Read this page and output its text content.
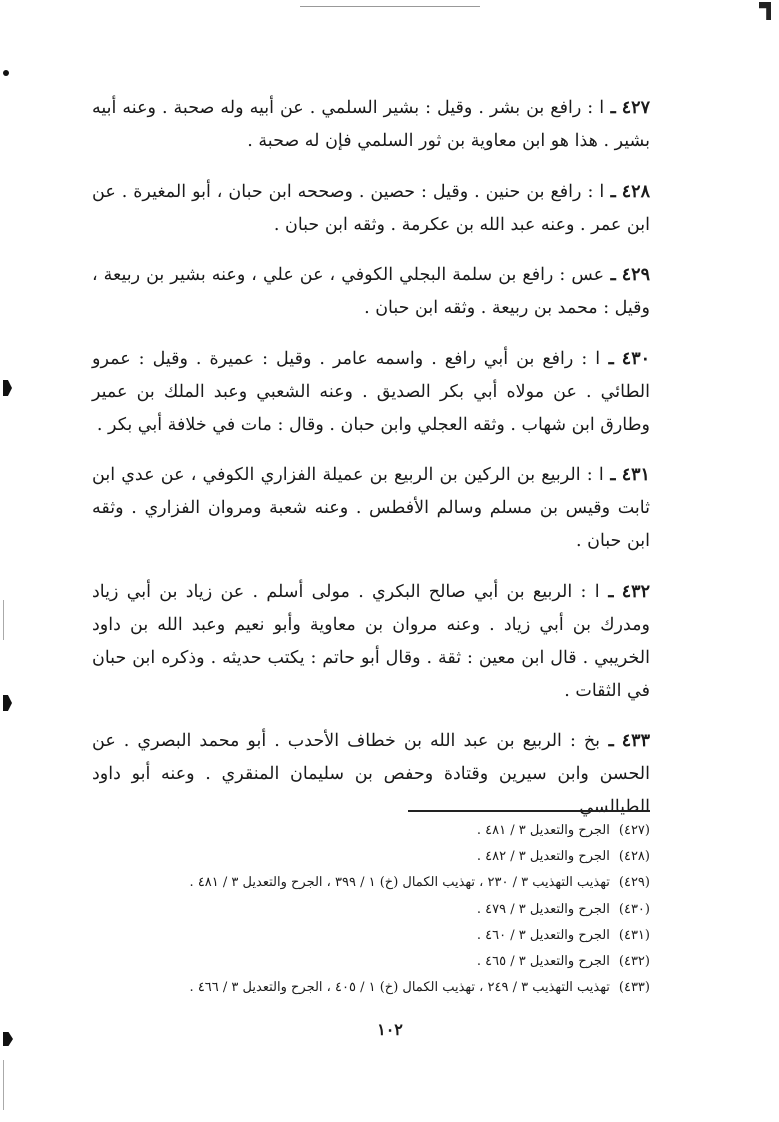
٤٢٧ ـ ا : رافع بن بشر . وقيل : بشير السلمي . عن أبيه وله صحبة . وعنه أبيه بشير . هذا هو ابن معاوية بن ثور السلمي فإن له صحبة .

٤٢٨ ـ ا : رافع بن حنين . وقيل : حصين . وصححه ابن حبان ، أبو المغيرة . عن ابن عمر . وعنه عبد الله بن عكرمة . وثقه ابن حبان .

٤٢٩ ـ عس : رافع بن سلمة البجلي الكوفي ، عن علي ، وعنه بشير بن ربيعة ، وقيل : محمد بن ربيعة . وثقه ابن حبان .

٤٣٠ ـ ا : رافع بن أبي رافع . واسمه عامر . وقيل : عميرة . وقيل : عمرو الطائي . عن مولاه أبي بكر الصديق . وعنه الشعبي وعبد الملك بن عمير وطارق ابن شهاب . وثقه العجلي وابن حبان . وقال : مات في خلافة أبي بكر .

٤٣١ ـ ا : الربيع بن الركين بن الربيع بن عميلة الفزاري الكوفي ، عن عدي ابن ثابت وقيس بن مسلم وسالم الأفطس . وعنه شعبة ومروان الفزاري . وثقه ابن حبان .

٤٣٢ ـ ا : الربيع بن أبي صالح البكري . مولى أسلم . عن زياد بن أبي زياد ومدرك بن أبي زياد . وعنه مروان بن معاوية وأبو نعيم وعبد الله بن داود الخريبي . قال ابن معين : ثقة . وقال أبو حاتم : يكتب حديثه . وذكره ابن حبان في الثقات .

٤٣٣ ـ بخ : الربيع بن عبد الله بن خطاف الأحدب . أبو محمد البصري . عن الحسن وابن سيرين وقتادة وحفص بن سليمان المنقري . وعنه أبو داود الطيالسي

(٤٢٧) الجرح والتعديل ٣ / ٤٨١ .
(٤٢٨) الجرح والتعديل ٣ / ٤٨٢ .
(٤٢٩) تهذيب التهذيب ٣ / ٢٣٠ ، تهذيب الكمال (خ) ١ / ٣٩٩ ، الجرح والتعديل ٣ / ٤٨١ .
(٤٣٠) الجرح والتعديل ٣ / ٤٧٩ .
(٤٣١) الجرح والتعديل ٣ / ٤٦٠ .
(٤٣٢) الجرح والتعديل ٣ / ٤٦٥ .
(٤٣٣) تهذيب التهذيب ٣ / ٢٤٩ ، تهذيب الكمال (خ) ١ / ٤٠٥ ، الجرح والتعديل ٣ / ٤٦٦ .
١٠٢
